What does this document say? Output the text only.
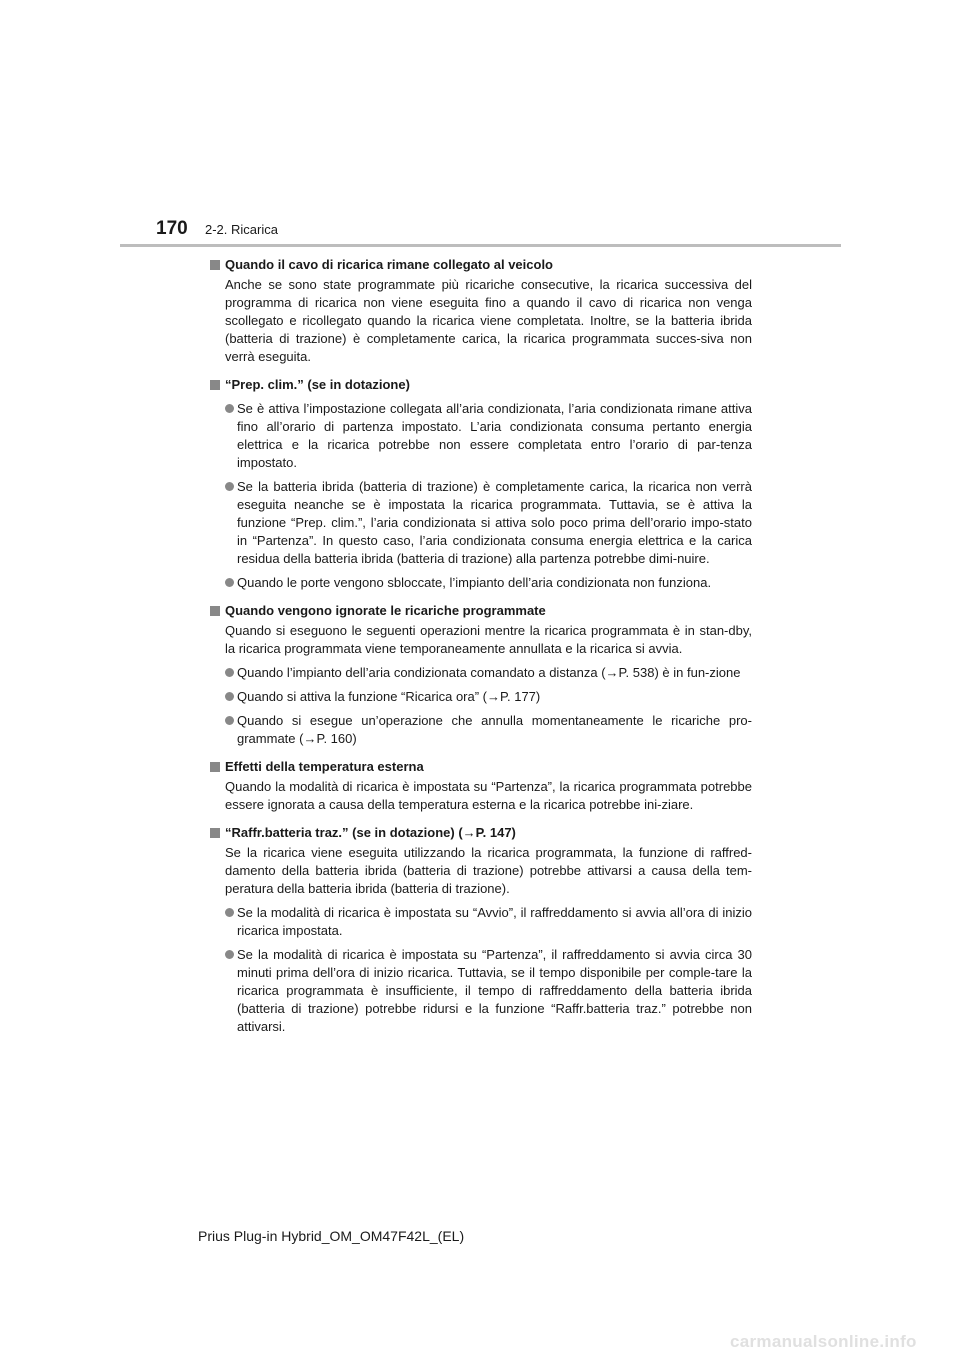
170 2-2. Ricarica
Quando il cavo di ricarica rimane collegato al veicolo
Anche se sono state programmate più ricariche consecutive, la ricarica successiva del programma di ricarica non viene eseguita fino a quando il cavo di ricarica non venga scollegato e ricollegato quando la ricarica viene completata. Inoltre, se la batteria ibrida (batteria di trazione) è completamente carica, la ricarica programmata succes-siva non verrà eseguita.
“Prep. clim.” (se in dotazione)
Se è attiva l’impostazione collegata all’aria condizionata, l’aria condizionata rimane attiva fino all’orario di partenza impostato. L’aria condizionata consuma pertanto energia elettrica e la ricarica potrebbe non essere completata entro l’orario di par-tenza impostato.
Se la batteria ibrida (batteria di trazione) è completamente carica, la ricarica non verrà eseguita neanche se è impostata la ricarica programmata. Tuttavia, se è attiva la funzione “Prep. clim.”, l’aria condizionata si attiva solo poco prima dell’orario impo-stato in “Partenza”. In questo caso, l’aria condizionata consuma energia elettrica e la carica residua della batteria ibrida (batteria di trazione) alla partenza potrebbe dimi-nuire.
Quando le porte vengono sbloccate, l’impianto dell’aria condizionata non funziona.
Quando vengono ignorate le ricariche programmate
Quando si eseguono le seguenti operazioni mentre la ricarica programmata è in stan-dby, la ricarica programmata viene temporaneamente annullata e la ricarica si avvia.
Quando l’impianto dell’aria condizionata comandato a distanza (→P. 538) è in fun-zione
Quando si attiva la funzione “Ricarica ora” (→P. 177)
Quando si esegue un’operazione che annulla momentaneamente le ricariche pro-grammate (→P. 160)
Effetti della temperatura esterna
Quando la modalità di ricarica è impostata su “Partenza”, la ricarica programmata potrebbe essere ignorata a causa della temperatura esterna e la ricarica potrebbe ini-ziare.
“Raffr.batteria traz.” (se in dotazione) (→P. 147)
Se la ricarica viene eseguita utilizzando la ricarica programmata, la funzione di raffred-damento della batteria ibrida (batteria di trazione) potrebbe attivarsi a causa della tem-peratura della batteria ibrida (batteria di trazione).
Se la modalità di ricarica è impostata su “Avvio”, il raffreddamento si avvia all’ora di inizio ricarica impostata.
Se la modalità di ricarica è impostata su “Partenza”, il raffreddamento si avvia circa 30 minuti prima dell’ora di inizio ricarica. Tuttavia, se il tempo disponibile per comple-tare la ricarica programmata è insufficiente, il tempo di raffreddamento della batteria ibrida (batteria di trazione) potrebbe ridursi e la funzione “Raffr.batteria traz.” potrebbe non attivarsi.
Prius Plug-in Hybrid_OM_OM47F42L_(EL)
carmanualsonline.info
